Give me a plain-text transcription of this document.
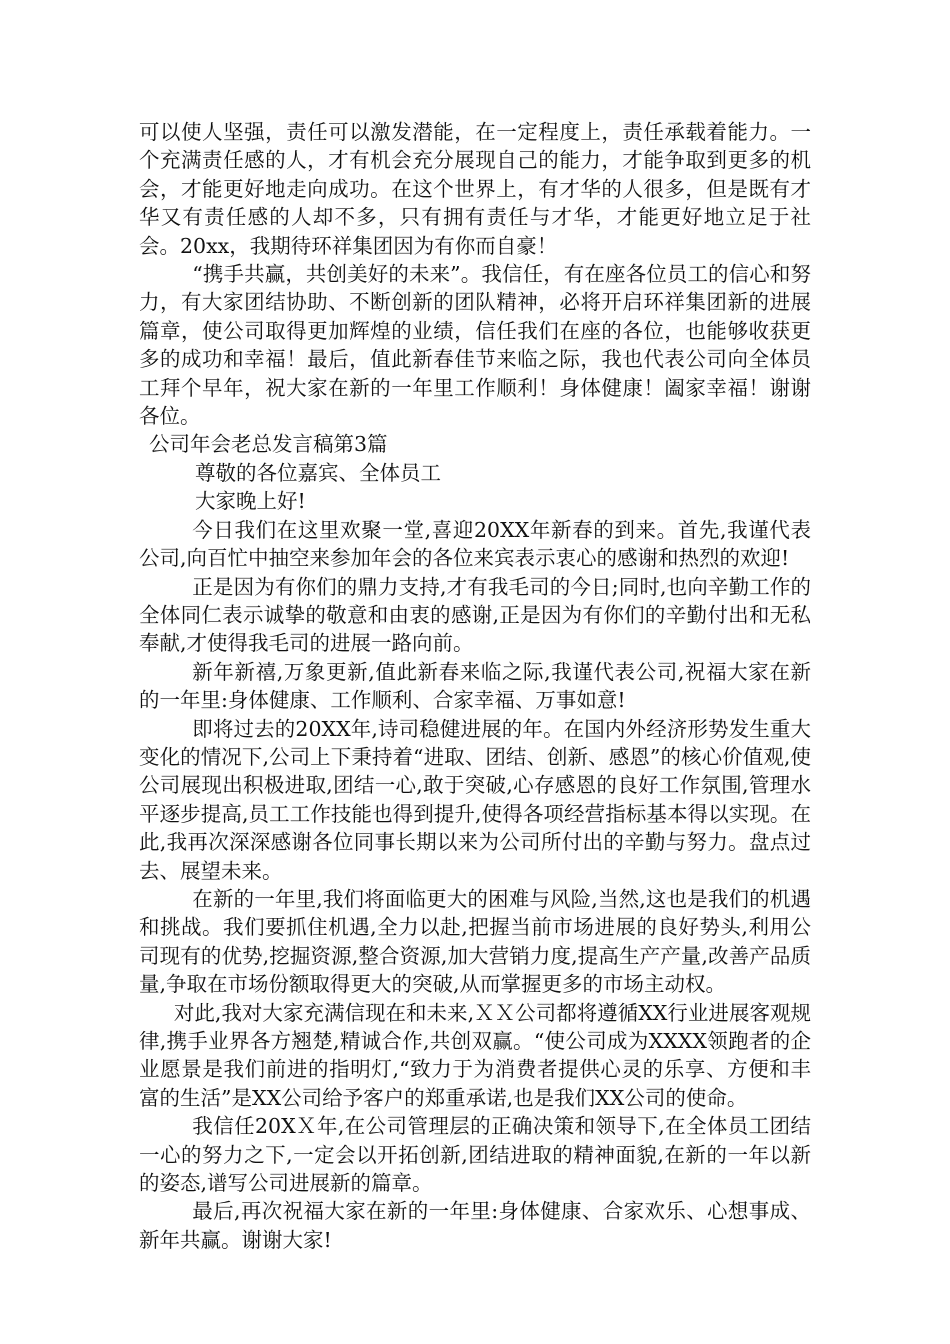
可以使人坚强，责任可以激发潜能，在一定程度上，责任承载着能力。一个充满责任感的人，才有机会充分展现自己的能力，才能争取到更多的机会，才能更好地走向成功。在这个世界上，有才华的人很多，但是既有才华又有责任感的人却不多，只有拥有责任与才华，才能更好地立足于社会。20xx，我期待环祥集团因为有你而自豪！

“携手共赢，共创美好的未来”。我信任，有在座各位员工的信心和努力，有大家团结协助、不断创新的团队精神，必将开启环祥集团新的进展篇章，使公司取得更加辉煌的业绩，信任我们在座的各位，也能够收获更多的成功和幸福！最后，值此新春佳节来临之际，我也代表公司向全体员工拜个早年，祝大家在新的一年里工作顺利！身体健康！阖家幸福！谢谢各位。

公司年会老总发言稿第3篇

尊敬的各位嘉宾、全体员工

大家晚上好!

今日我们在这里欢聚一堂,喜迎20XX年新春的到来。首先,我谨代表公司,向百忙中抽空来参加年会的各位来宾表示衷心的感谢和热烈的欢迎!

正是因为有你们的鼎力支持,才有我毛司的今日;同时,也向辛勤工作的全体同仁表示诚挚的敬意和由衷的感谢,正是因为有你们的辛勤付出和无私奉献,才使得我毛司的进展一路向前。

新年新禧,万象更新,值此新春来临之际,我谨代表公司,祝福大家在新的一年里:身体健康、工作顺利、合家幸福、万事如意!

即将过去的20XX年,诗司稳健进展的年。在国内外经济形势发生重大变化的情况下,公司上下秉持着“进取、团结、创新、感恩”的核心价值观,使公司展现出积极进取,团结一心,敢于突破,心存感恩的良好工作氛围,管理水平逐步提高,员工工作技能也得到提升,使得各项经营指标基本得以实现。在此,我再次深深感谢各位同事长期以来为公司所付出的辛勤与努力。盘点过去、展望未来。

在新的一年里,我们将面临更大的困难与风险,当然,这也是我们的机遇和挑战。我们要抓住机遇,全力以赴,把握当前市场进展的良好势头,利用公司现有的优势,挖掘资源,整合资源,加大营销力度,提高生产产量,改善产品质量,争取在市场份额取得更大的突破,从而掌握更多的市场主动权。

对此,我对大家充满信现在和未来,ＸＸ公司都将遵循XX行业进展客观规律,携手业界各方翘楚,精诚合作,共创双赢。“使公司成为XXXX领跑者的企业愿景是我们前进的指明灯,“致力于为消费者提供心灵的乐享、方便和丰富的生活”是XX公司给予客户的郑重承诺,也是我们XX公司的使命。

我信任20XＸ年,在公司管理层的正确决策和领导下,在全体员工团结一心的努力之下,一定会以开拓创新,团结进取的精神面貌,在新的一年以新的姿态,谱写公司进展新的篇章。

最后,再次祝福大家在新的一年里:身体健康、合家欢乐、心想事成、新年共赢。谢谢大家!
